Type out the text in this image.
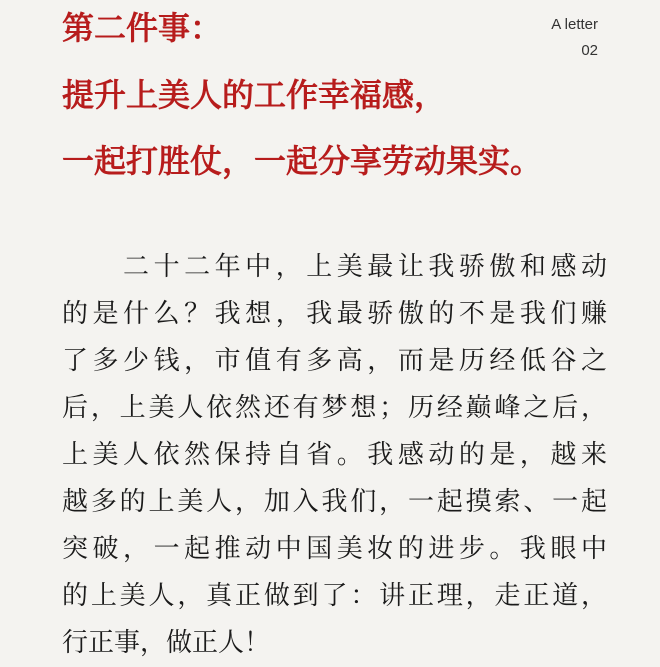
第二件事：
提升上美人的工作幸福感，
一起打胜仗，一起分享劳动果实。
A letter
02
　　二十二年中，上美最让我骄傲和感动
的是什么？我想，我最骄傲的不是我们赚
了多少钱，市值有多高，而是历经低谷之
后，上美人依然还有梦想；历经巅峰之后，
上美人依然保持自省。我感动的是，越来
越多的上美人，加入我们，一起摸索、一起
突破，一起推动中国美妆的进步。我眼中
的上美人，真正做到了：讲正理，走正道，
行正事，做正人！
